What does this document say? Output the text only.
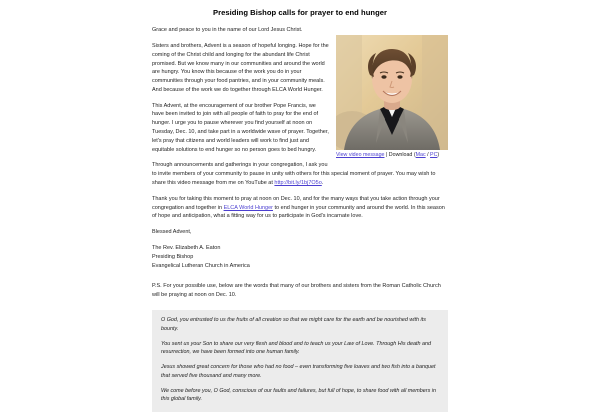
Presiding Bishop calls for prayer to end hunger
View video message | Download (Mac / PC)

Grace and peace to you in the name of our Lord Jesus Christ.

Sisters and brothers, Advent is a season of hopeful longing. Hope for the coming of the Christ child and longing for the abundant life Christ promised. But we know many in our communities and around the world are hungry. You know this because of the work you do in your communities through your food pantries, and in your community meals. And because of the work we do together through ELCA World Hunger.

This Advent, at the encouragement of our brother Pope Francis, we have been invited to join with all people of faith to pray for the end of hunger. I urge you to pause wherever you find yourself at noon on Tuesday, Dec. 10, and take part in a worldwide wave of prayer. Together, let's pray that citizens and world leaders will work to find just and equitable solutions to end hunger so no person goes to bed hungry.

Through announcements and gatherings in your congregation, I ask you to invite members of your community to pause in unity with others for this special moment of prayer. You may wish to share this video message from me on YouTube at http://bit.ly/1bj7O5o.

Thank you for taking this moment to pray at noon on Dec. 10, and for the many ways that you take action through your congregation and together in ELCA World Hunger to end hunger in your community and around the world. In this season of hope and anticipation, what a fitting way for us to participate in God's incarnate love.

Blessed Advent,

The Rev. Elizabeth A. Eaton

Presiding Bishop

Evangelical Lutheran Church in America

P.S. For your possible use, below are the words that many of our brothers and sisters from the Roman Catholic Church will be praying at noon on Dec. 10.

O God, you entrusted to us the fruits of all creation so that we might care for the earth and be nourished with its bounty.

You sent us your Son to share our very flesh and blood and to teach us your Law of Love. Through His death and resurrection, we have been formed into one human family.

Jesus showed great concern for those who had no food – even transforming five loaves and two fish into a banquet that served five thousand and many more.

We come before you, O God, conscious of our faults and failures, but full of hope, to share food with all members in this global family.
